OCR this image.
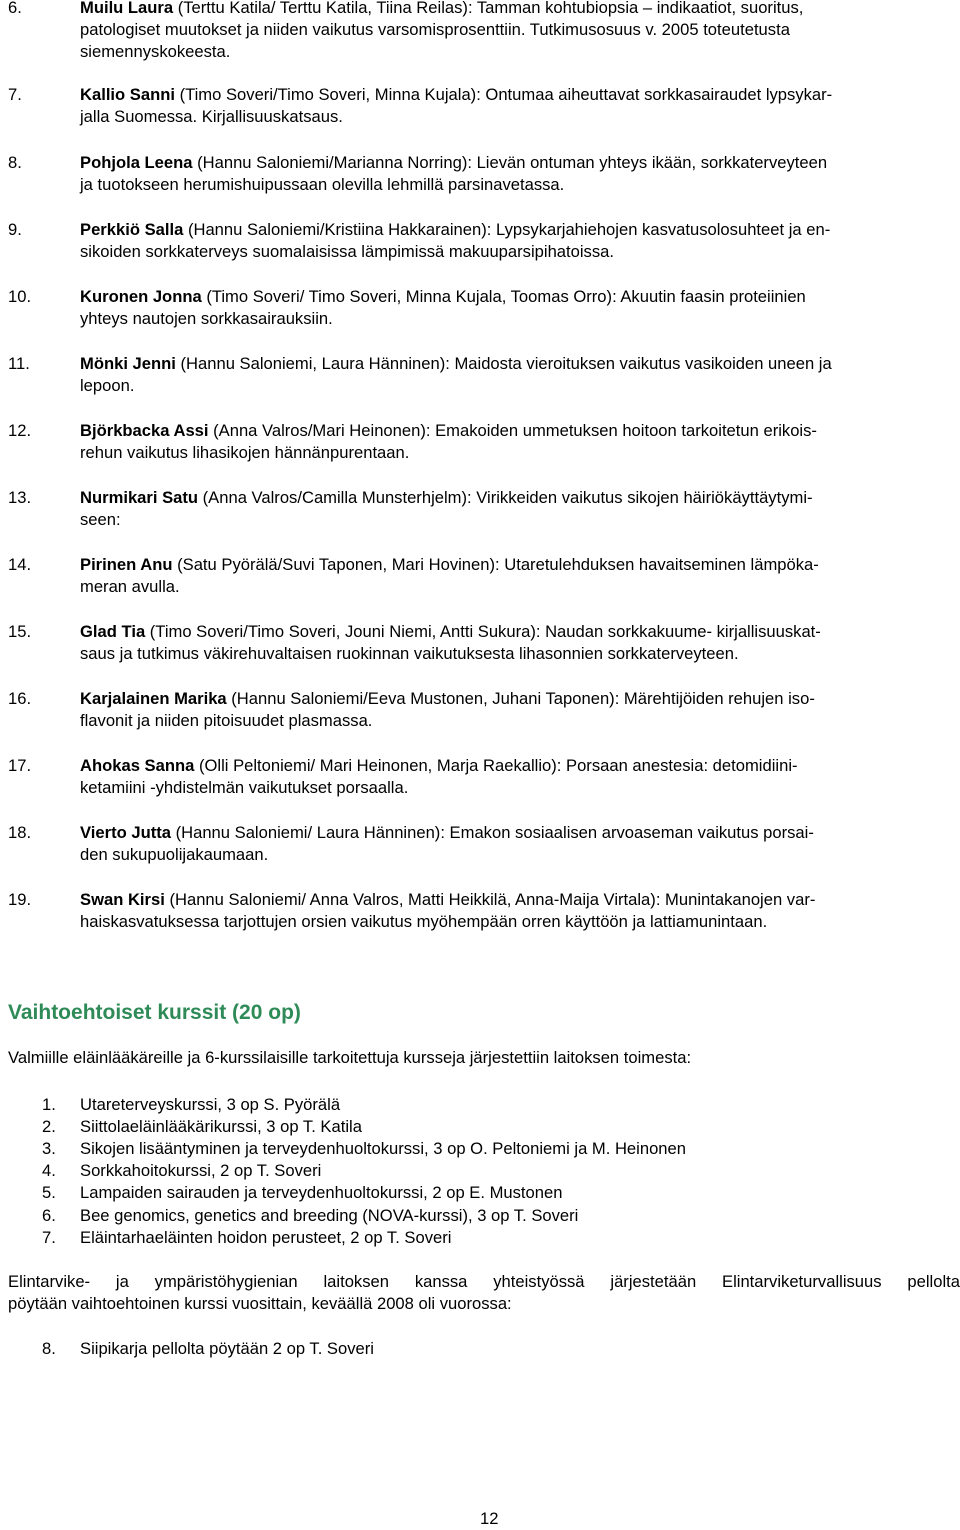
6.	Muilu Laura (Terttu Katila/ Terttu Katila, Tiina Reilas): Tamman kohtubiopsia – indikaatiot, suoritus,
patologiset muutokset ja niiden vaikutus varsomisprosenttiin. Tutkimusosuus v. 2005 toteutetusta
siemennyskokeesta.
7.	Kallio Sanni (Timo Soveri/Timo Soveri, Minna Kujala): Ontumaa aiheuttavat sorkkasairaudet lypsykar-
jalla Suomessa. Kirjallisuuskatsaus.
8.	Pohjola Leena (Hannu Saloniemi/Marianna Norring): Lievän ontuman yhteys ikään, sorkkaterveyteen
ja tuotokseen herumishuipussaan olevilla lehmillä parsinavetassa.
9.	Perkkiö Salla (Hannu Saloniemi/Kristiina Hakkarainen): Lypsykarjahiehojen kasvatusolosuhteet ja en-
sikoiden sorkkaterveys suomalaisissa lämpimissä makuuparsipihatoissa.
10.	Kuronen Jonna (Timo Soveri/ Timo Soveri, Minna Kujala, Toomas Orro): Akuutin faasin proteiinien
yhteys nautojen sorkkasairauksiin.
11.	Mönki Jenni (Hannu Saloniemi, Laura Hänninen): Maidosta vieroituksen vaikutus vasikoiden uneen ja
lepoon.
12.	Björkbacka Assi (Anna Valros/Mari Heinonen): Emakoiden ummetuksen hoitoon tarkoitetun erikois-
rehun vaikutus lihasikojen hännänpurentaan.
13.	Nurmikari Satu (Anna Valros/Camilla Munsterhjelm): Virikkeiden vaikutus sikojen häiriökäyttäytymi-
seen:
14.	Pirinen Anu (Satu Pyörälä/Suvi Taponen, Mari Hovinen): Utaretulehduksen havaitseminen lämpöka-
meran avulla.
15.	Glad Tia (Timo Soveri/Timo Soveri, Jouni Niemi, Antti Sukura): Naudan sorkkakuume- kirjallisuuskat-
saus ja tutkimus väkirehuvaltaisen ruokinnan vaikutuksesta lihasonnien sorkkaterveyteen.
16.	Karjalainen Marika (Hannu Saloniemi/Eeva Mustonen, Juhani Taponen): Märehtijöiden rehujen iso-
flavonit ja niiden pitoisuudet plasmassa.
17.	Ahokas Sanna (Olli Peltoniemi/ Mari Heinonen, Marja Raekallio): Porsaan anestesia: detomidiini-
ketamiini -yhdistelmän vaikutukset porsaalla.
18.	Vierto Jutta (Hannu Saloniemi/ Laura Hänninen): Emakon sosiaalisen arvoaseman vaikutus porsai-
den sukupuolijakaumaan.
19.	Swan Kirsi (Hannu Saloniemi/ Anna Valros, Matti Heikkilä, Anna-Maija Virtala): Munintakanojen var-
haiskasvatuksessa tarjottujen orsien vaikutus myöhempään orren käyttöön ja lattiamunintaan.
Vaihtoehtoiset kurssit (20 op)
Valmiille eläinlääkäreille ja 6-kurssilaisille tarkoitettuja kursseja järjestettiin laitoksen toimesta:
1. Utareterveyskurssi, 3 op S. Pyörälä
2. Siittolaeläinlääkärikurssi, 3 op T. Katila
3. Sikojen lisääntyminen ja terveydenhuoltokurssi, 3 op O. Peltoniemi ja M. Heinonen
4. Sorkkahoitokurssi, 2 op T. Soveri
5. Lampaiden sairauden ja terveydenhuoltokurssi, 2 op E. Mustonen
6. Bee genomics, genetics and breeding (NOVA-kurssi), 3 op T. Soveri
7. Eläintarhaeläinten hoidon perusteet, 2 op T. Soveri
Elintarvike- ja ympäristöhygienian laitoksen kanssa yhteistyössä järjestetään Elintarviketurvallisuus pellolta
pöytään vaihtoehtoinen kurssi vuosittain, keväällä 2008 oli vuorossa:
8. Siipikarja pellolta pöytään 2 op T. Soveri
12
